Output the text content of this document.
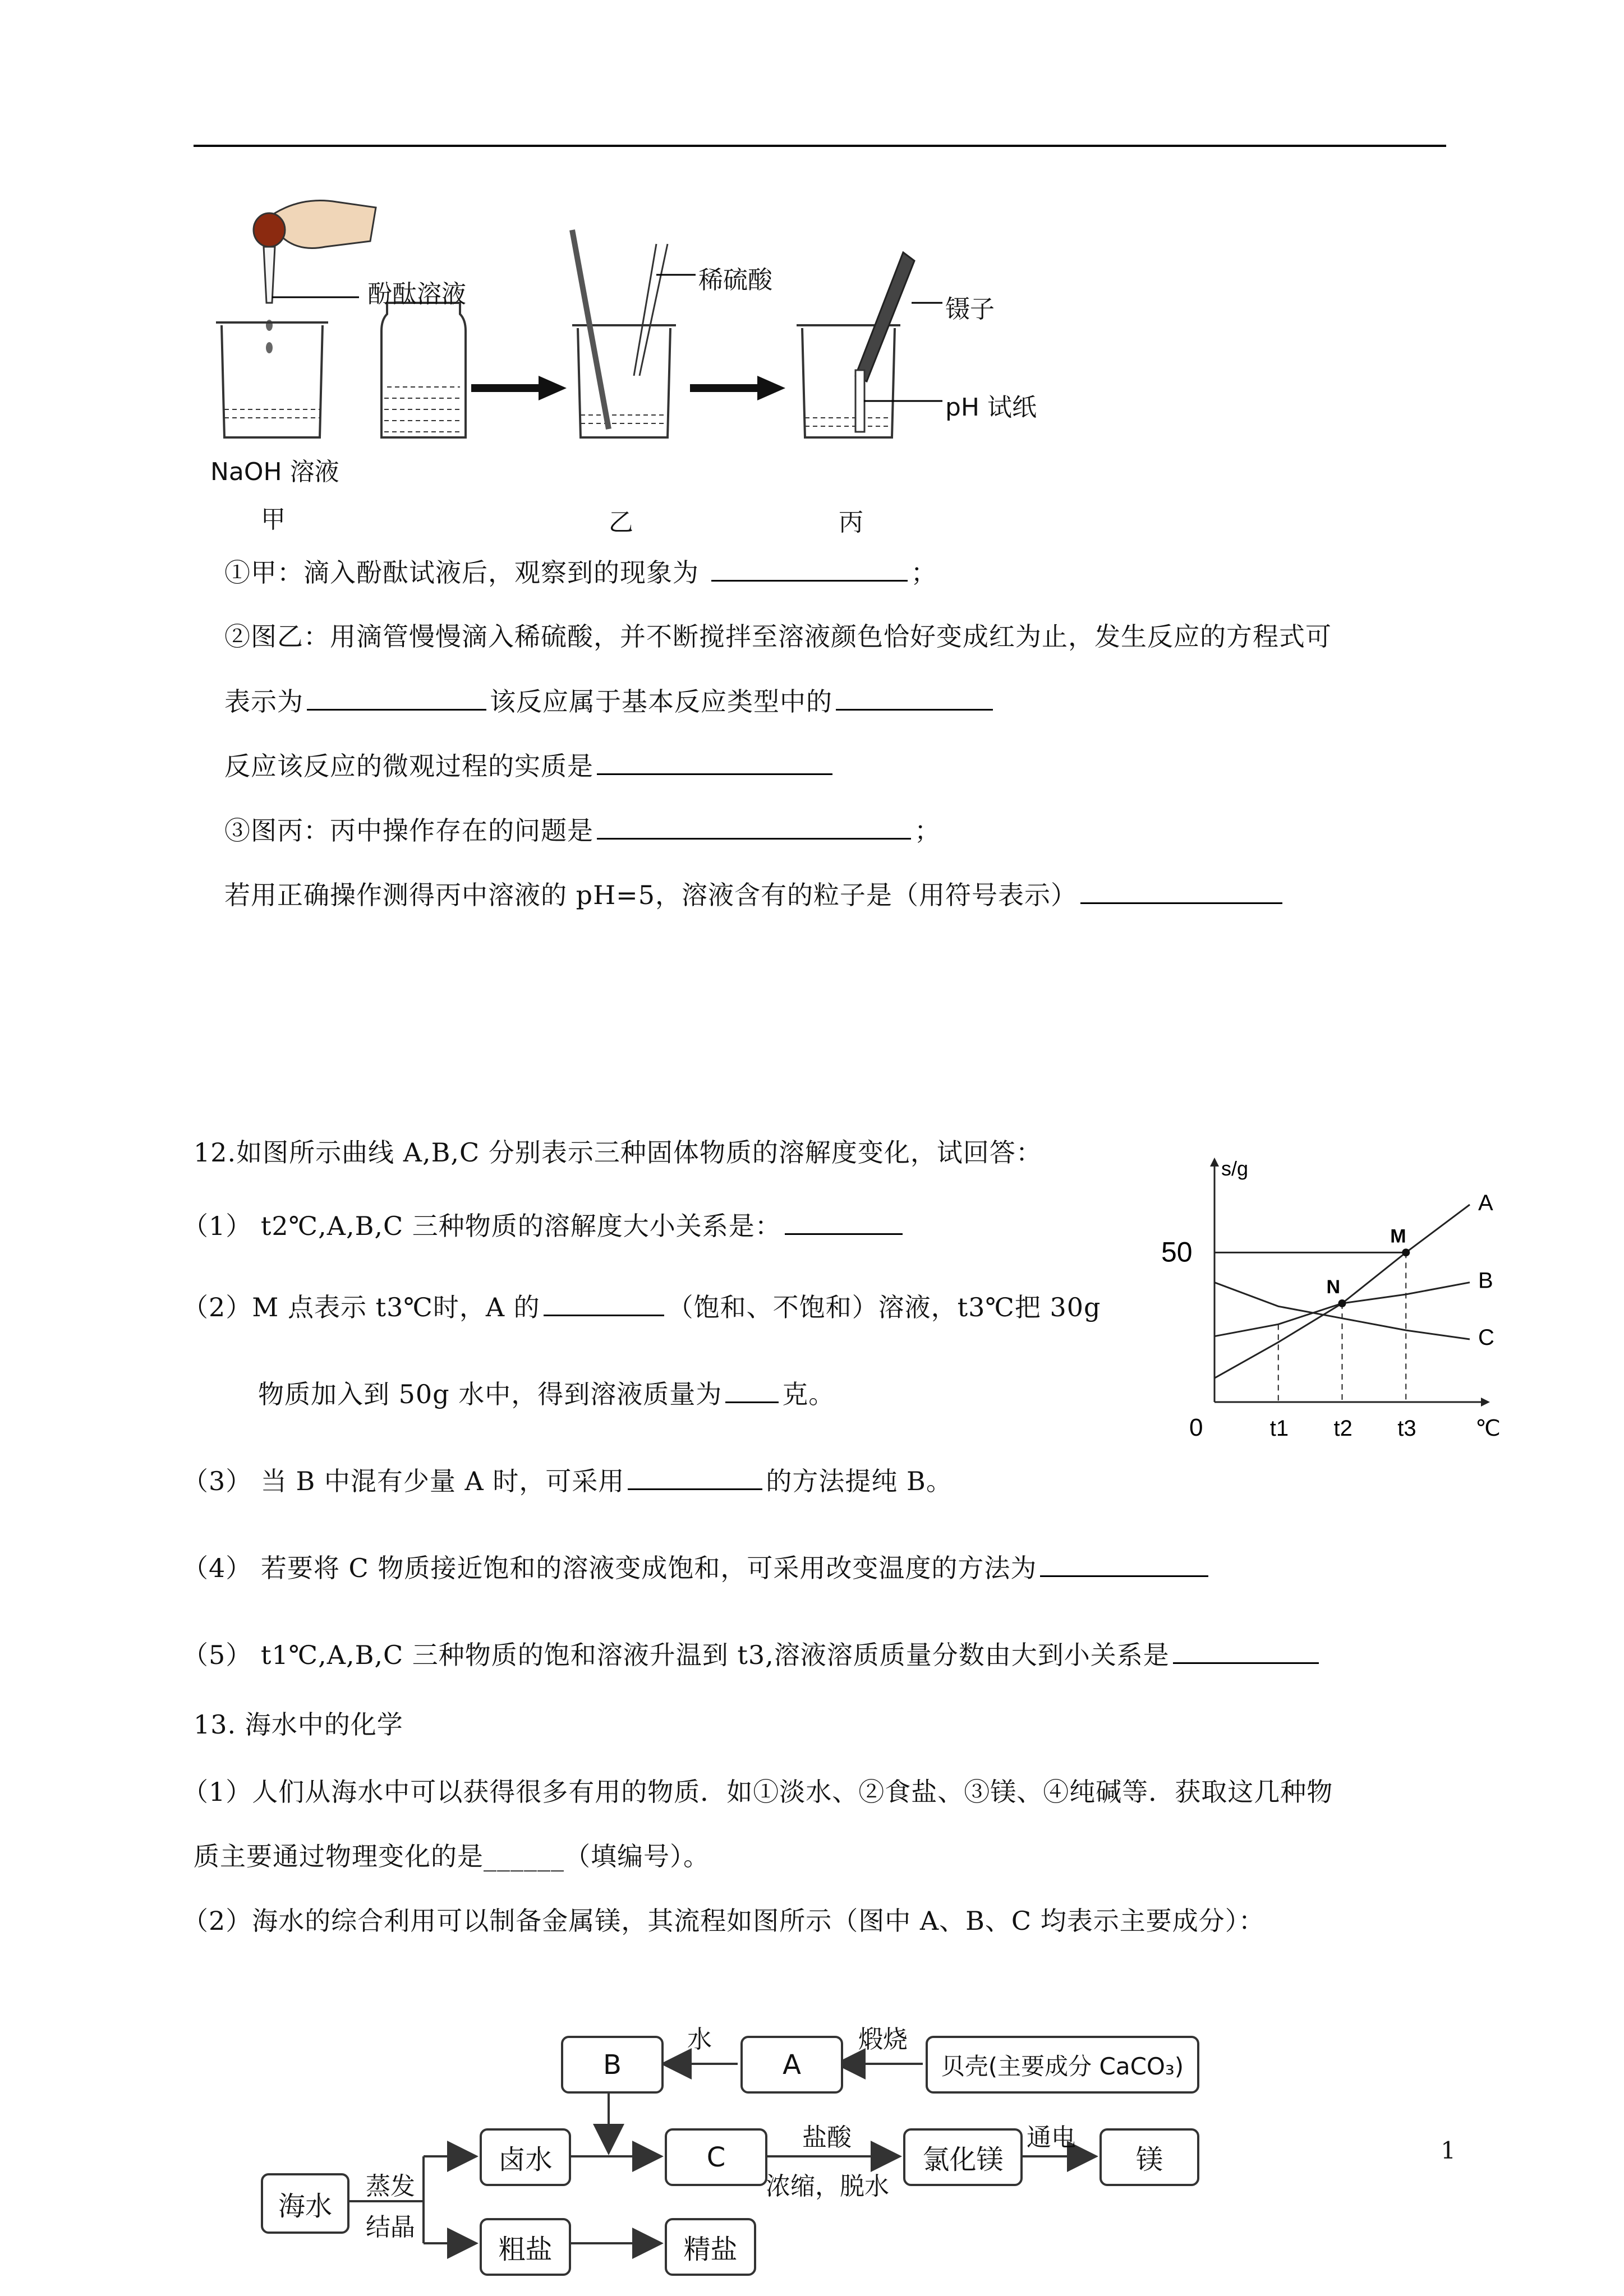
酚酞溶液	稀硫酸
镊子
pH 试纸
NaOH 溶液
甲	乙	丙
①甲：滴入酚酞试液后，观察到的现象为	；
②图乙：用滴管慢慢滴入稀硫酸，并不断搅拌至溶液颜色恰好变成红为止，发生反应的方程式可
表示为	该反应属于基本反应类型中的
反应该反应的微观过程的实质是
③图丙：丙中操作存在的问题是	；
若用正确操作测得丙中溶液的 pH=5，溶液含有的粒子是（用符号表示）
12.如图所示曲线 A,B,C 分别表示三种固体物质的溶解度变化，试回答：
（1） t2℃,A,B,C 三种物质的溶解度大小关系是：
（2）M 点表示 t3℃时，A 的	（饱和、不饱和）溶液，t3℃把 30g
物质加入到 50g 水中，得到溶液质量为 克。
（3） 当 B 中混有少量 A 时，可采用	的方法提纯 B。
（4） 若要将 C 物质接近饱和的溶液变成饱和，可采用改变温度的方法为
（5） t1℃,A,B,C 三种物质的饱和溶液升温到 t3,溶液溶质质量分数由大到小关系是
s/g
℃
0
50
A
B
C
t1 t2 t3
M
N
13. 海水中的化学
（1）人们从海水中可以获得很多有用的物质．如①淡水、②食盐、③镁、④纯碱等．获取这几种物
质主要通过物理变化的是______（填编号）。
（2）海水的综合利用可以制备金属镁，其流程如图所示（图中 A、B、C 均表示主要成分）：
B	A	贝壳(主要成分 CaCO₃)
水	煅烧
海水
蒸发
结晶
卤水	C
盐酸
浓缩，脱水
氯化镁
通电
镁
粗盐	精盐
1
